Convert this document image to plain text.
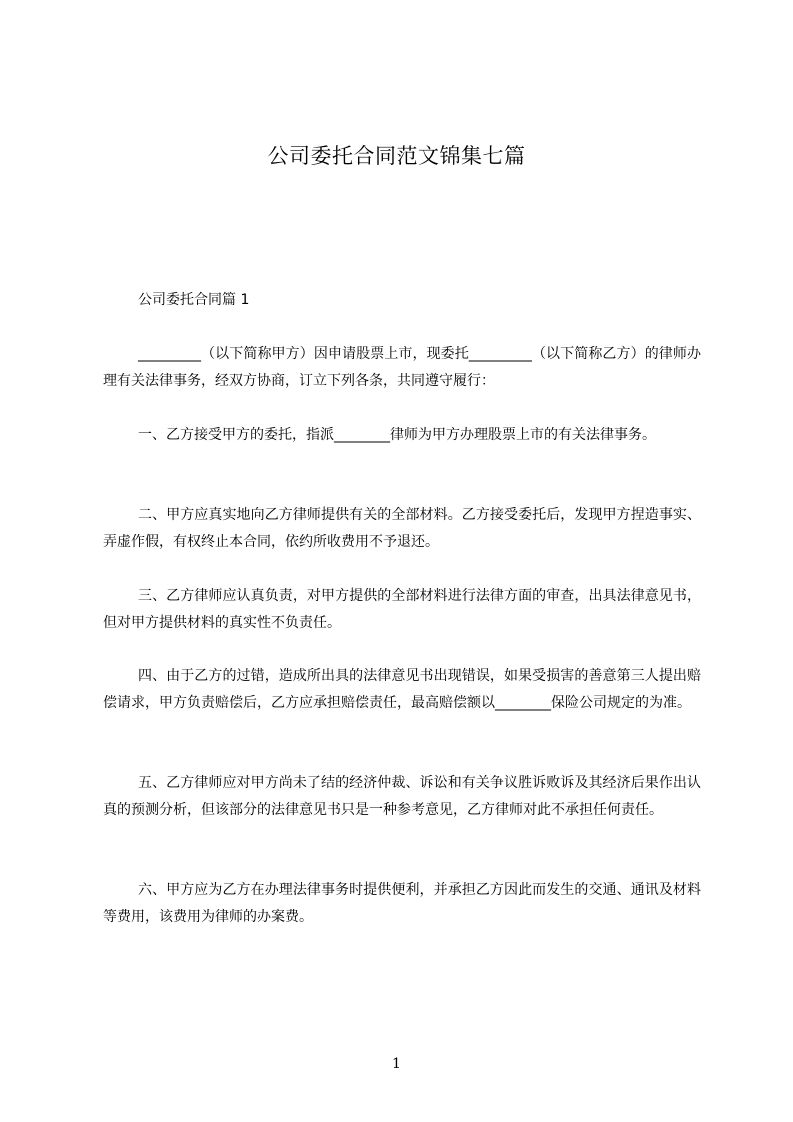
公司委托合同范文锦集七篇
公司委托合同篇 1

_________（以下简称甲方）因申请股票上市，现委托_________（以下简称乙方）的律师办理有关法律事务，经双方协商，订立下列各条，共同遵守履行：

一、乙方接受甲方的委托，指派________律师为甲方办理股票上市的有关法律事务。

二、甲方应真实地向乙方律师提供有关的全部材料。乙方接受委托后，发现甲方捏造事实、弄虚作假，有权终止本合同，依约所收费用不予退还。

三、乙方律师应认真负责，对甲方提供的全部材料进行法律方面的审查，出具法律意见书，但对甲方提供材料的真实性不负责任。

四、由于乙方的过错，造成所出具的法律意见书出现错误，如果受损害的善意第三人提出赔偿请求，甲方负责赔偿后，乙方应承担赔偿责任，最高赔偿额以________保险公司规定的为准。

五、乙方律师应对甲方尚未了结的经济仲裁、诉讼和有关争议胜诉败诉及其经济后果作出认真的预测分析，但该部分的法律意见书只是一种参考意见，乙方律师对此不承担任何责任。

六、甲方应为乙方在办理法律事务时提供便利，并承担乙方因此而发生的交通、通讯及材料等费用，该费用为律师的办案费。

1
